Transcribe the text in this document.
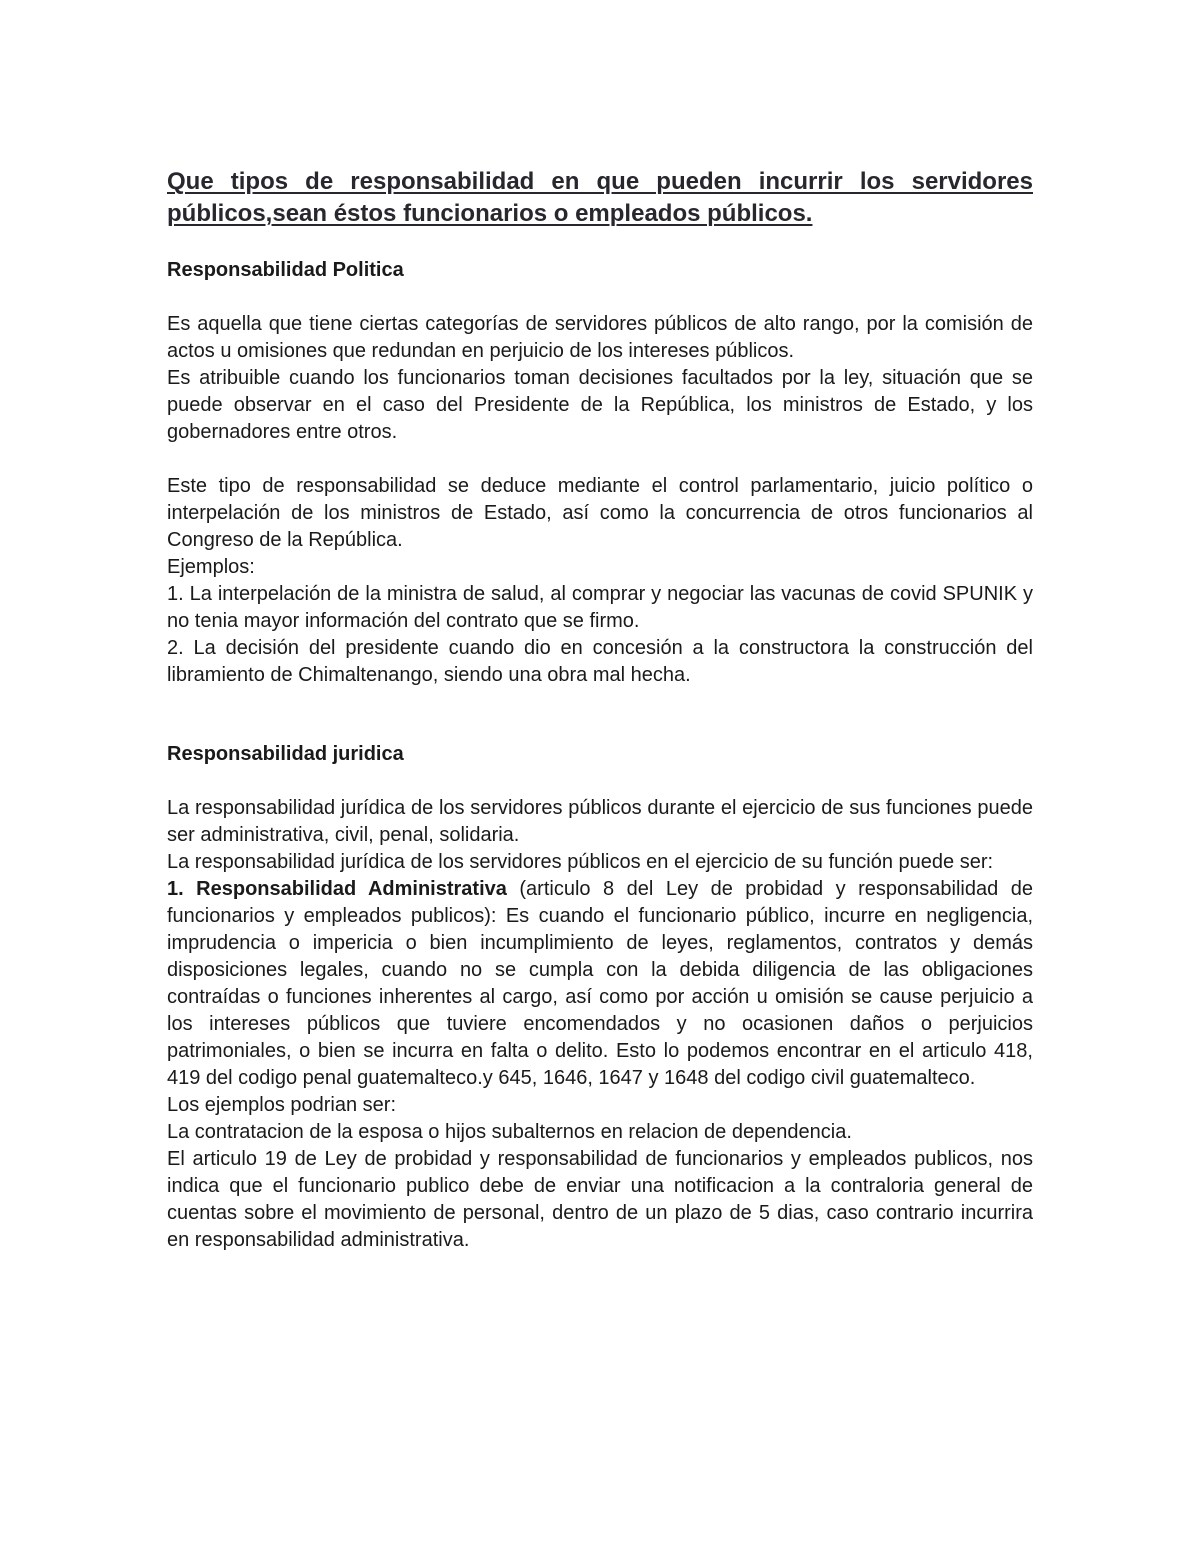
Que tipos de responsabilidad en que pueden incurrir los servidores públicos,sean éstos funcionarios o empleados públicos.

Responsabilidad Politica

Es aquella que tiene ciertas categorías de servidores públicos de alto rango, por la comisión de actos u omisiones que redundan en perjuicio de los intereses públicos.

Es atribuible cuando los funcionarios toman decisiones facultados por la ley, situación que se puede observar en el caso del Presidente de la República, los ministros de Estado, y los gobernadores entre otros.

Este tipo de responsabilidad se deduce mediante el control parlamentario, juicio político o interpelación de los ministros de Estado, así como la concurrencia de otros funcionarios al Congreso de la República.

Ejemplos:

1. La interpelación de la ministra de salud, al comprar y negociar las vacunas de covid SPUNIK y no tenia mayor información del contrato que se firmo.

2. La decisión del presidente cuando dio en concesión a la constructora la construcción del libramiento de Chimaltenango, siendo una obra mal hecha.

Responsabilidad juridica

La responsabilidad jurídica de los servidores públicos durante el ejercicio de sus funciones puede ser administrativa, civil, penal, solidaria.

La responsabilidad jurídica de los servidores públicos en el ejercicio de su función puede ser:

1. Responsabilidad Administrativa (articulo 8 del Ley de probidad y responsabilidad de funcionarios y empleados publicos): Es cuando el funcionario público, incurre en negligencia, imprudencia o impericia o bien incumplimiento de leyes, reglamentos, contratos y demás disposiciones legales, cuando no se cumpla con la debida diligencia de las obligaciones contraídas o funciones inherentes al cargo, así como por acción u omisión se cause perjuicio a los intereses públicos que tuviere encomendados y no ocasionen daños o perjuicios patrimoniales, o bien se incurra en falta o delito. Esto lo podemos encontrar en el articulo 418, 419 del codigo penal guatemalteco.y 645, 1646, 1647 y 1648 del codigo civil guatemalteco.

Los ejemplos podrian ser:

La contratacion de la esposa o hijos subalternos en relacion de dependencia.

El articulo 19 de Ley de probidad y responsabilidad de funcionarios y empleados publicos, nos indica que el funcionario publico debe de enviar una notificacion a la contraloria general de cuentas sobre el movimiento de personal, dentro de un plazo de 5 dias, caso contrario incurrira en responsabilidad administrativa.
